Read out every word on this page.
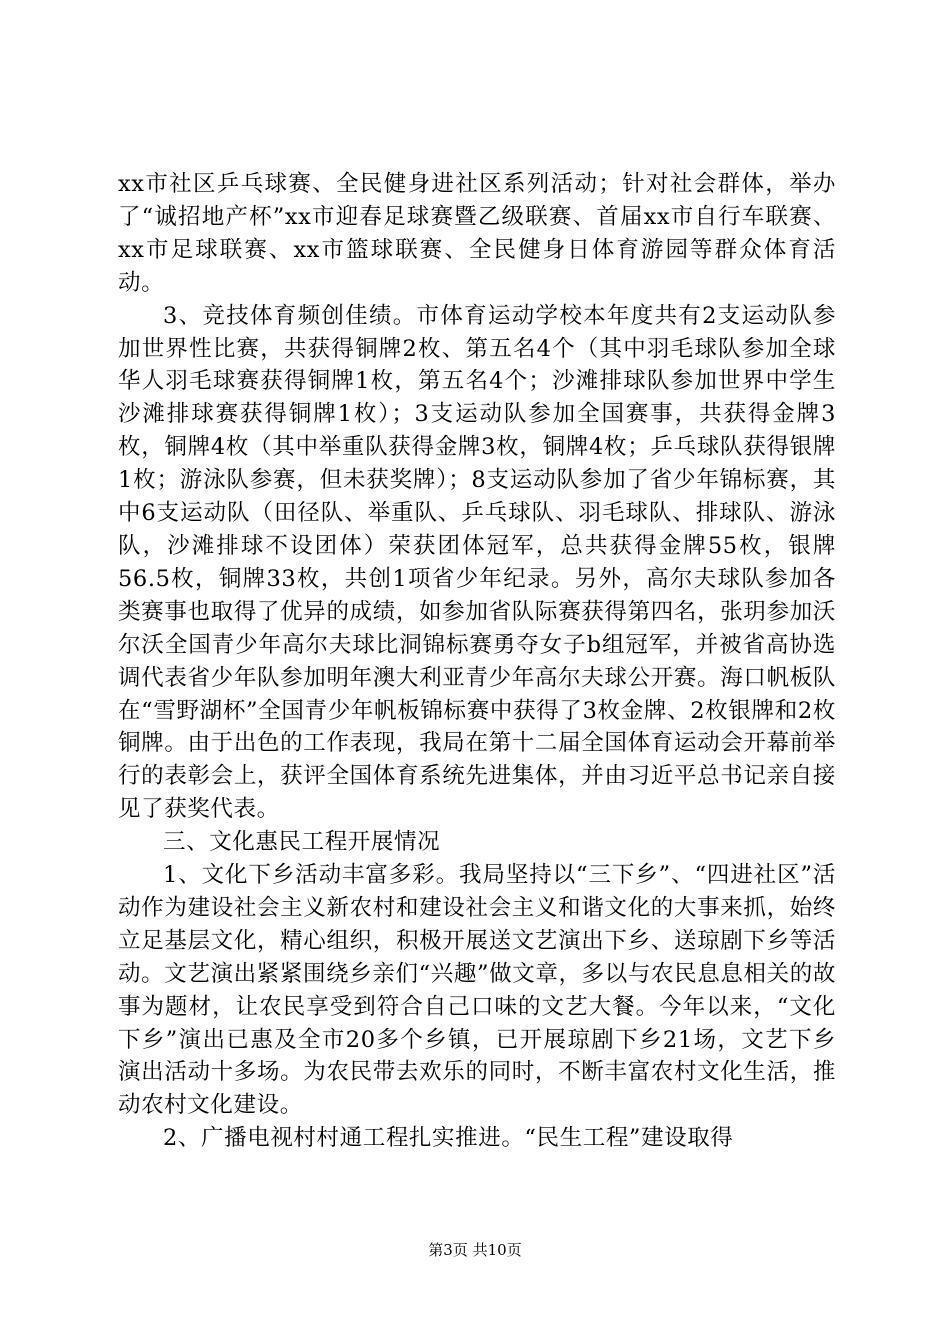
xx市社区乒乓球赛、全民健身进社区系列活动；针对社会群体，举办了“诚招地产杯”xx市迎春足球赛暨乙级联赛、首届xx市自行车联赛、xx市足球联赛、xx市篮球联赛、全民健身日体育游园等群众体育活动。

3、竞技体育频创佳绩。市体育运动学校本年度共有2支运动队参加世界性比赛，共获得铜牌2枚、第五名4个（其中羽毛球队参加全球华人羽毛球赛获得铜牌1枚，第五名4个；沙滩排球队参加世界中学生沙滩排球赛获得铜牌1枚）；3支运动队参加全国赛事，共获得金牌3枚，铜牌4枚（其中举重队获得金牌3枚，铜牌4枚；乒乓球队获得银牌1枚；游泳队参赛，但未获奖牌）；8支运动队参加了省少年锦标赛，其中6支运动队（田径队、举重队、乒乓球队、羽毛球队、排球队、游泳队，沙滩排球不设团体）荣获团体冠军，总共获得金牌55枚，银牌56.5枚，铜牌33枚，共创1项省少年纪录。另外，高尔夫球队参加各类赛事也取得了优异的成绩，如参加省队际赛获得第四名，张玥参加沃尔沃全国青少年高尔夫球比洞锦标赛勇夺女子b组冠军，并被省高协选调代表省少年队参加明年澳大利亚青少年高尔夫球公开赛。海口帆板队在“雪野湖杯”全国青少年帆板锦标赛中获得了3枚金牌、2枚银牌和2枚铜牌。由于出色的工作表现，我局在第十二届全国体育运动会开幕前举行的表彰会上，获评全国体育系统先进集体，并由习近平总书记亲自接见了获奖代表。

三、文化惠民工程开展情况

1、文化下乡活动丰富多彩。我局坚持以“三下乡”、“四进社区”活动作为建设社会主义新农村和建设社会主义和谐文化的大事来抓，始终立足基层文化，精心组织，积极开展送文艺演出下乡、送琼剧下乡等活动。文艺演出紧紧围绕乡亲们“兴趣”做文章，多以与农民息息相关的故事为题材，让农民享受到符合自己口味的文艺大餐。今年以来，“文化下乡”演出已惠及全市20多个乡镇，已开展琼剧下乡21场，文艺下乡演出活动十多场。为农民带去欢乐的同时，不断丰富农村文化生活，推动农村文化建设。

2、广播电视村村通工程扎实推进。“民生工程”建设取得

第3页 共10页
